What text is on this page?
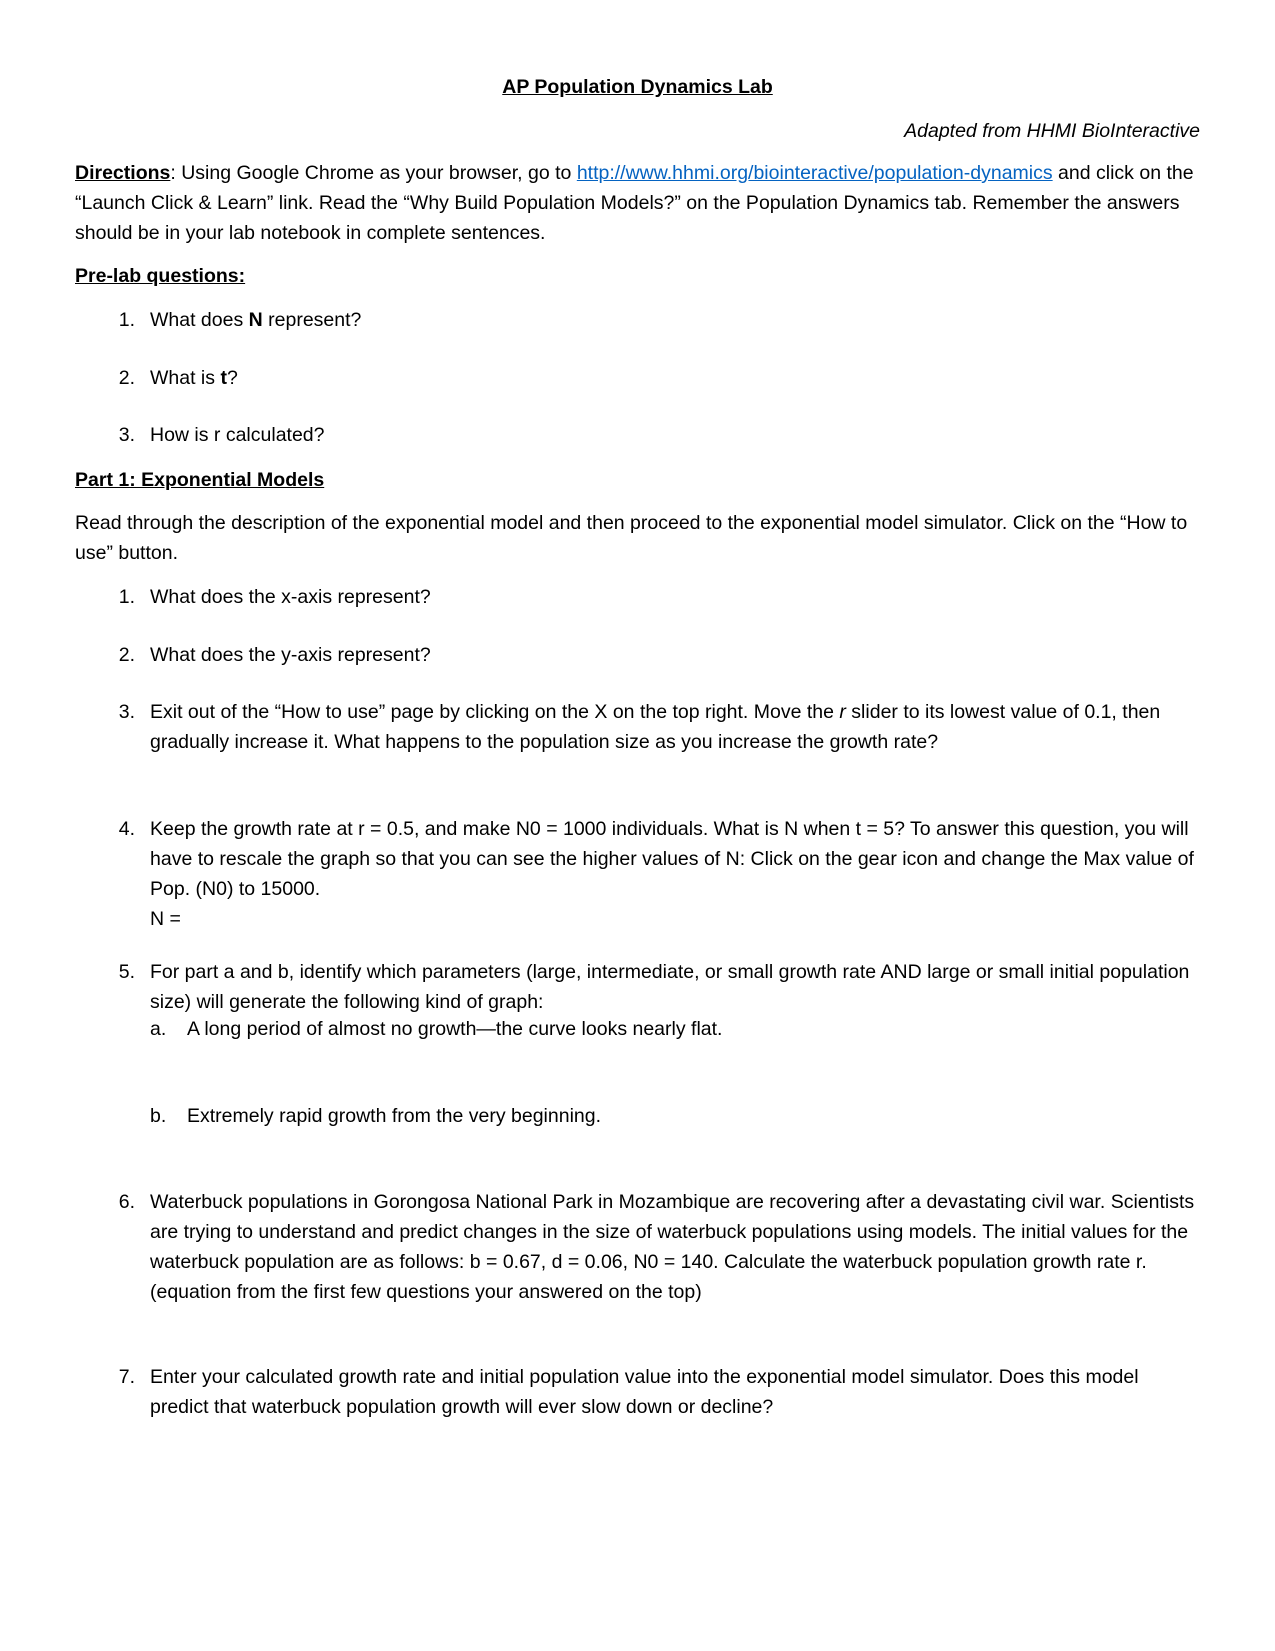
AP Population Dynamics Lab
Adapted from HHMI BioInteractive
Directions: Using Google Chrome as your browser, go to http://www.hhmi.org/biointeractive/population-dynamics and click on the “Launch Click & Learn” link. Read the “Why Build Population Models?” on the Population Dynamics tab. Remember the answers should be in your lab notebook in complete sentences.
Pre-lab questions:
1. What does N represent?
2. What is t?
3. How is r calculated?
Part 1: Exponential Models
Read through the description of the exponential model and then proceed to the exponential model simulator. Click on the “How to use” button.
1. What does the x-axis represent?
2. What does the y-axis represent?
3. Exit out of the “How to use” page by clicking on the X on the top right. Move the r slider to its lowest value of 0.1, then gradually increase it. What happens to the population size as you increase the growth rate?
4. Keep the growth rate at r = 0.5, and make N0 = 1000 individuals. What is N when t = 5? To answer this question, you will have to rescale the graph so that you can see the higher values of N: Click on the gear icon and change the Max value of Pop. (N0) to 15000.
N =
5. For part a and b, identify which parameters (large, intermediate, or small growth rate AND large or small initial population size) will generate the following kind of graph:
a. A long period of almost no growth—the curve looks nearly flat.
b. Extremely rapid growth from the very beginning.
6. Waterbuck populations in Gorongosa National Park in Mozambique are recovering after a devastating civil war. Scientists are trying to understand and predict changes in the size of waterbuck populations using models. The initial values for the waterbuck population are as follows: b = 0.67, d = 0.06, N0 = 140. Calculate the waterbuck population growth rate r. (equation from the first few questions your answered on the top)
7. Enter your calculated growth rate and initial population value into the exponential model simulator. Does this model predict that waterbuck population growth will ever slow down or decline?
